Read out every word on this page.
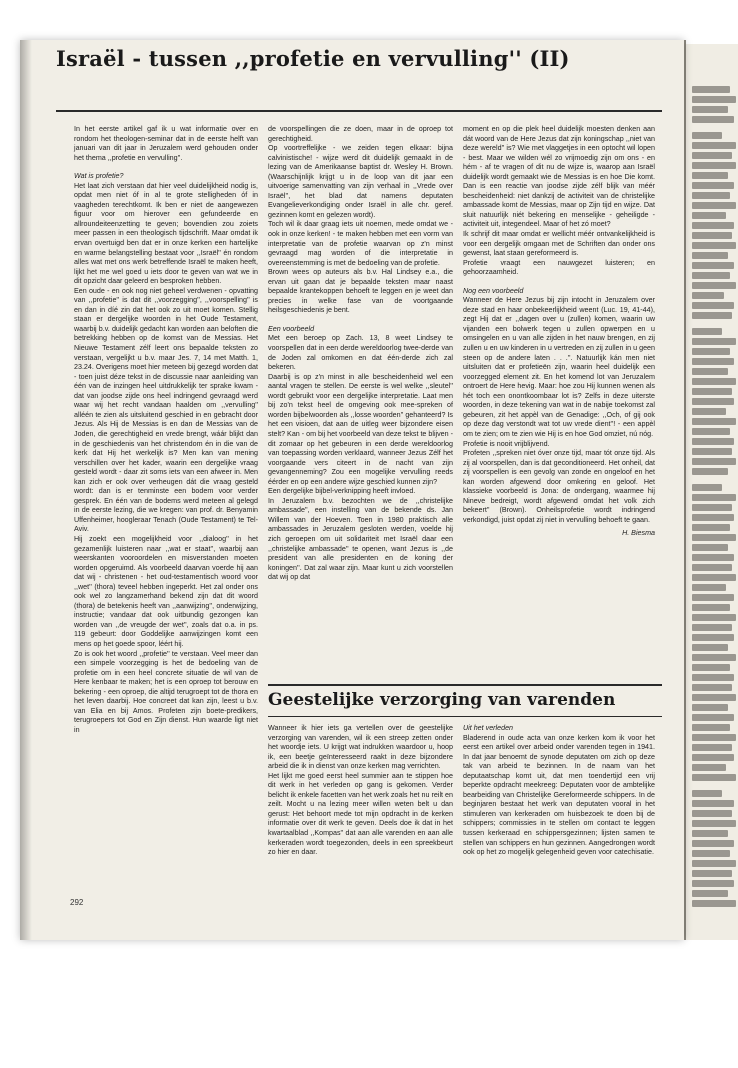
Israël - tussen ,,profetie en vervulling'' (II)

In het eerste artikel gaf ik u wat informatie over en rondom het theologen-seminar dat in de eerste helft van januari van dit jaar in Jeruzalem werd gehouden onder het thema ,,profetie en vervulling''.

Wat is profetie?

Het laat zich verstaan dat hier veel duidelijkheid nodig is, opdat men niet óf in al te grote stelligheden óf in vaagheden terechtkomt. Ik ben er niet de aangewezen figuur voor om hierover een gefundeerde en allroundeiteenzetting te geven; bovendien zou zoiets meer passen in een theologisch tijdschrift. Maar omdat ik ervan overtuigd ben dat er in onze kerken een hartelijke en warme belangstelling bestaat voor ,,Israël'' én rondom alles wat met ons werk betreffende Israël te maken heeft, lijkt het me wel goed u iets door te geven van wat we in dit opzicht daar geleerd en besproken hebben.

Een oude - en ook nog niet geheel verdwenen - opvatting van ,,profetie'' is dat dit ,,voorzegging'', ,,voorspelling'' is en dan in díé zin dat het ook zo uit moet komen. Stellig staan er dergelijke woorden in het Oude Testament, waarbij b.v. duidelijk gedacht kan worden aan beloften die betrekking hebben op de komst van de Messias. Het Nieuwe Testament zélf leert ons bepaalde teksten zo verstaan, vergelijkt u b.v. maar Jes. 7, 14 met Matth. 1, 23.24. Overigens moet hier meteen bij gezegd worden dat - toen juist déze tekst in de discussie naar aanleiding van één van de inzingen heel uitdrukkelijk ter sprake kwam - dat van joodse zijde ons heel indringend gevraagd werd waar wij het recht vandaan haalden om ,,vervulling'' alléén te zien als uitsluitend geschied in en gebracht door Jezus. Als Hij de Messias is en dan de Messias van de Joden, die gerechtigheid en vrede brengt, wáár blijkt dan in de geschiedenis van het christendom én in die van de kerk dat Hij het werkelijk is? Men kan van mening verschillen over het kader, waarin een dergelijke vraag gesteld wordt - daar zit soms iets van een afweer in. Men kan zich er ook over verheugen dát die vraag gesteld wordt: dan is er tenminste een bodem voor verder gesprek. En één van de bodems werd meteen al gelegd in de eerste lezing, die we kregen: van prof. dr. Benyamin Uffenheimer, hoogleraar Tenach (Oude Testament) te Tel-Aviv.

Hij zoekt een mogelijkheid voor ,,dialoog'' in het gezamenlijk luisteren naar ,,wat er staat'', waarbij aan weerskanten vooroordelen en misverstanden moeten worden opgeruimd. Als voorbeeld daarvan voerde hij aan dat wij - christenen - het oud-testamentisch woord voor ,,wet'' (thora) teveel hebben ingeperkt. Het zal onder ons ook wel zo langzamerhand bekend zijn dat dit woord (thora) de betekenis heeft van ,,aanwijzing'', onderwijzing, instructie; vandaar dat ook uitbundig gezongen kan worden van ,,de vreugde der wet'', zoals dat o.a. in ps. 119 gebeurt: door Goddelijke aanwijzingen komt een mens op het goede spoor, léért hij.

Zo is ook het woord ,,profetie'' te verstaan. Veel meer dan een simpele voorzegging is het de bedoeling van de profetie om in een heel concrete situatie de wil van de Here kenbaar te maken; het is een oproep tot berouw en bekering - een oproep, die altijd terugroept tot de thora en het leven daarbij. Hoe concreet dat kan zijn, leest u b.v. van Elia en bij Amos. Profeten zijn boete-predikers, terugroepers tot God en Zijn dienst. Hun waarde ligt niet in

de voorspellingen die ze doen, maar in de oproep tot gerechtigheid.

Op voortreffelijke - we zeiden tegen elkaar: bijna calvinistische! - wijze werd dit duidelijk gemaakt in de lezing van de Amerikaanse baptist dr. Wesley H. Brown. (Waarschijnlijk krijgt u in de loop van dit jaar een uitvoerige samenvatting van zijn verhaal in ,,Vrede over Israël'', het blad dat namens deputaten Evangelieverkondiging onder Israël in alle chr. geref. gezinnen komt en gelezen wordt).

Toch wil ik daar graag iets uit noemen, mede omdat we - ook in onze kerken! - te maken hebben met een vorm van interpretatie van de profetie waarvan op z'n minst gevraagd mag worden of die interpretatie in overeenstemming is met de bedoeling van de profetie.

Brown wees op auteurs als b.v. Hal Lindsey e.a., die ervan uit gaan dat je bepaalde teksten maar naast bepaalde krantekoppen behoeft te leggen en je weet dan precies in welke fase van de voortgaande heilsgeschiedenis je bent.

Een voorbeeld

Met een beroep op Zach. 13, 8 weet Lindsey te voorspellen dat in een derde wereldoorlog twee-derde van de Joden zal omkomen en dat één-derde zich zal bekeren.

Daarbij is op z'n minst in alle bescheidenheid wel een aantal vragen te stellen. De eerste is wel welke ,,sleutel'' wordt gebruikt voor een dergelijke interpretatie. Laat men bij zo'n tekst heel de omgeving ook mee-spreken of worden bijbelwoorden als ,,losse woorden'' gehanteerd? Is het een visioen, dat aan de uitleg weer bijzondere eisen stelt? Kan - om bij het voorbeeld van deze tekst te blijven - dit zomaar op het gebeuren in een derde wereldoorlog van toepassing worden verklaard, wanneer Jezus Zélf het voorgaande vers citeert in de nacht van zijn gevangenneming? Zou een mogelijke vervulling reeds éérder en op een andere wijze geschied kunnen zijn?

Een dergelijke bijbel-verknipping heeft invloed.

In Jeruzalem b.v. bezochten we de ,,christelijke ambassade'', een instelling van de bekende ds. Jan Willem van der Hoeven. Toen in 1980 praktisch alle ambassades in Jeruzalem gesloten werden, voelde hij zich geroepen om uit solidariteit met Israël daar een ,,christelijke ambassade'' te openen, want Jezus is ,,de president van alle presidenten en de koning der koningen''. Dat zal waar zijn. Maar kunt u zich voorstellen dat wij op dat

moment en op die plek heel duidelijk moesten denken aan dát woord van de Here Jezus dat zijn koningschap ,,niet van deze wereld'' is? Wie met vlaggetjes in een optocht wil lopen - best. Maar we wilden wél zo vrijmoedig zijn om ons - en hém - af te vragen of dit nu de wijze is, waarop aan Israël duidelijk wordt gemaakt wie de Messias is en hoe Die komt. Dan is een reactie van joodse zijde zélf blijk van méér bescheidenheid: niet dankzij de activiteit van de christelijke ambassade komt de Messias, maar op Zijn tijd en wijze. Dat sluit natuurlijk niét bekering en menselijke - geheiligde - activiteit uit, integendeel. Maar of het zó moet?

Ik schrijf dit maar omdat er wellicht méér ontvankelijkheid is voor een dergelijk omgaan met de Schriften dan onder ons gewenst, laat staan gereformeerd is.

Profetie vraagt een nauwgezet luisteren; en gehoorzaamheid.

Nog een voorbeeld

Wanneer de Here Jezus bij zijn intocht in Jeruzalem over deze stad en haar onbekeerlijkheid weent (Luc. 19, 41-44), zegt Hij dat er ,,dagen over u (zullen) komen, waarin uw vijanden een bolwerk tegen u zullen opwerpen en u omsingelen en u van alle zijden in het nauw brengen, en zij zullen u en uw kinderen in u vertreden en zij zullen in u geen steen op de andere laten . . .''. Natuurlijk kán men niet uitsluiten dat er profetieën zijn, waarin heel duidelijk een voorzegged element zit. En het komend lot van Jeruzalem ontroert de Here hevig. Maar: hoe zou Hij kunnen wenen als hét toch een onontkoombaar lot is? Zelfs in deze uiterste woorden, in deze tekening van wat in de nabije toekomst zal gebeuren, zit het appèl van de Genadige: ,,Och, of gij ook op deze dag verstondt wat tot uw vrede dient''! - een appèl om te zien; om te zien wie Hij is en hoe God omziet, nú nóg.

Profetie is nooit vrijblijvend.

Profeten ,,spreken niet óver onze tijd, maar tót onze tijd. Als zij al voorspellen, dan is dat geconditioneerd. Het onheil, dat zij voorspellen is een gevolg van zonde en ongeloof en het kan worden afgewend door omkering en geloof. Het klassieke voorbeeld is Jona: de ondergang, waarmee hij Nineve bedreigt, wordt afgewend omdat het volk zich bekeert'' (Brown). Onheilsprofetie wordt indringend verkondigd, juist opdat zij niet in vervulling behoeft te gaan.

H. Biesma
Geestelijke verzorging van varenden

Wanneer ik hier iets ga vertellen over de geestelijke verzorging van varenden, wil ik een streep zetten onder het woordje iets. U krijgt wat indrukken waardoor u, hoop ik, een beetje geïnteresseerd raakt in deze bijzondere arbeid die ik in dienst van onze kerken mag verrichten.

Het lijkt me goed eerst heel summier aan te stippen hoe dit werk in het verleden op gang is gekomen. Verder belicht ik enkele facetten van het werk zoals het nu reilt en zeilt. Mocht u na lezing meer willen weten belt u dan gerust: Het behoort mede tot mijn opdracht in de kerken informatie over dit werk te geven. Deels doe ik dat in het kwartaalblad ,,Kompas'' dat aan alle varenden en aan alle kerkeraden wordt toegezonden, deels in een spreekbeurt zo hier en daar.

Uit het verleden

Bladerend in oude acta van onze kerken kom ik voor het eerst een artikel over arbeid onder varenden tegen in 1941. In dat jaar benoemt de synode deputaten om zich op deze tak van arbeid te bezinnen. In de naam van het deputaatschap komt uit, dat men toendertijd een vrij beperkte opdracht meekreeg: Deputaten voor de ambtelijke bearbeiding van Christelijke Gereformeerde schippers. In de beginjaren bestaat het werk van deputaten vooral in het stimuleren van kerkeraden om huisbezoek te doen bij de schippers; commissies in te stellen om contact te leggen tussen kerkeraad en schippersgezinnen; lijsten samen te stellen van schippers en hun gezinnen. Aangedrongen wordt ook op het zo mogelijk gelegenheid geven voor catechisatie.

292
